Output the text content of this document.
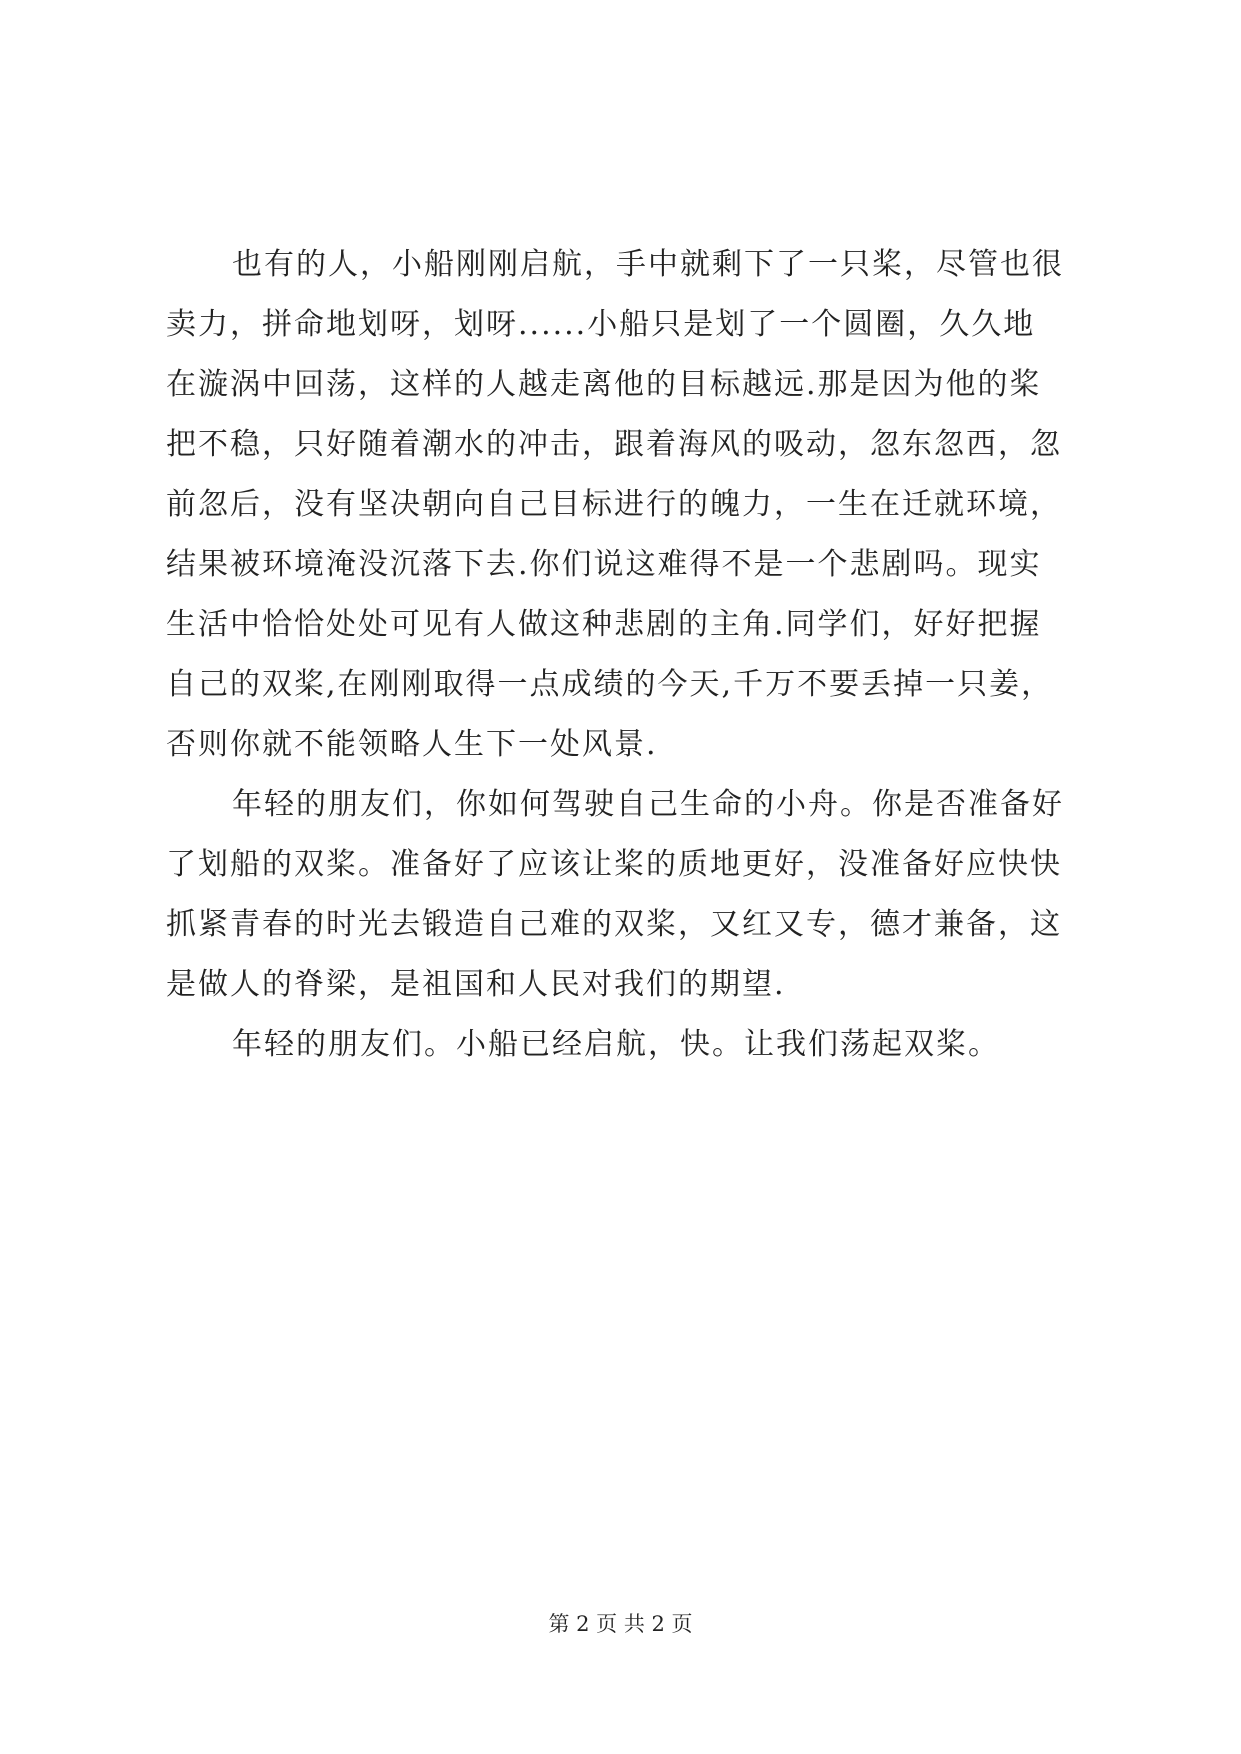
也有的人，小船刚刚启航，手中就剩下了一只桨，尽管也很
卖力，拼命地划呀，划呀......小船只是划了一个圆圈，久久地
在漩涡中回荡，这样的人越走离他的目标越远.那是因为他的桨
把不稳，只好随着潮水的冲击，跟着海风的吸动，忽东忽西，忽
前忽后，没有坚决朝向自己目标进行的魄力，一生在迁就环境，
结果被环境淹没沉落下去.你们说这难得不是一个悲剧吗。现实
生活中恰恰处处可见有人做这种悲剧的主角.同学们，好好把握
自己的双桨,在刚刚取得一点成绩的今天,千万不要丢掉一只姜，
否则你就不能领略人生下一处风景.
年轻的朋友们，你如何驾驶自己生命的小舟。你是否准备好
了划船的双桨。准备好了应该让桨的质地更好，没准备好应快快
抓紧青春的时光去锻造自己难的双桨，又红又专，德才兼备，这
是做人的脊梁，是祖国和人民对我们的期望.
年轻的朋友们。小船已经启航，快。让我们荡起双桨。
第 2 页 共 2 页
